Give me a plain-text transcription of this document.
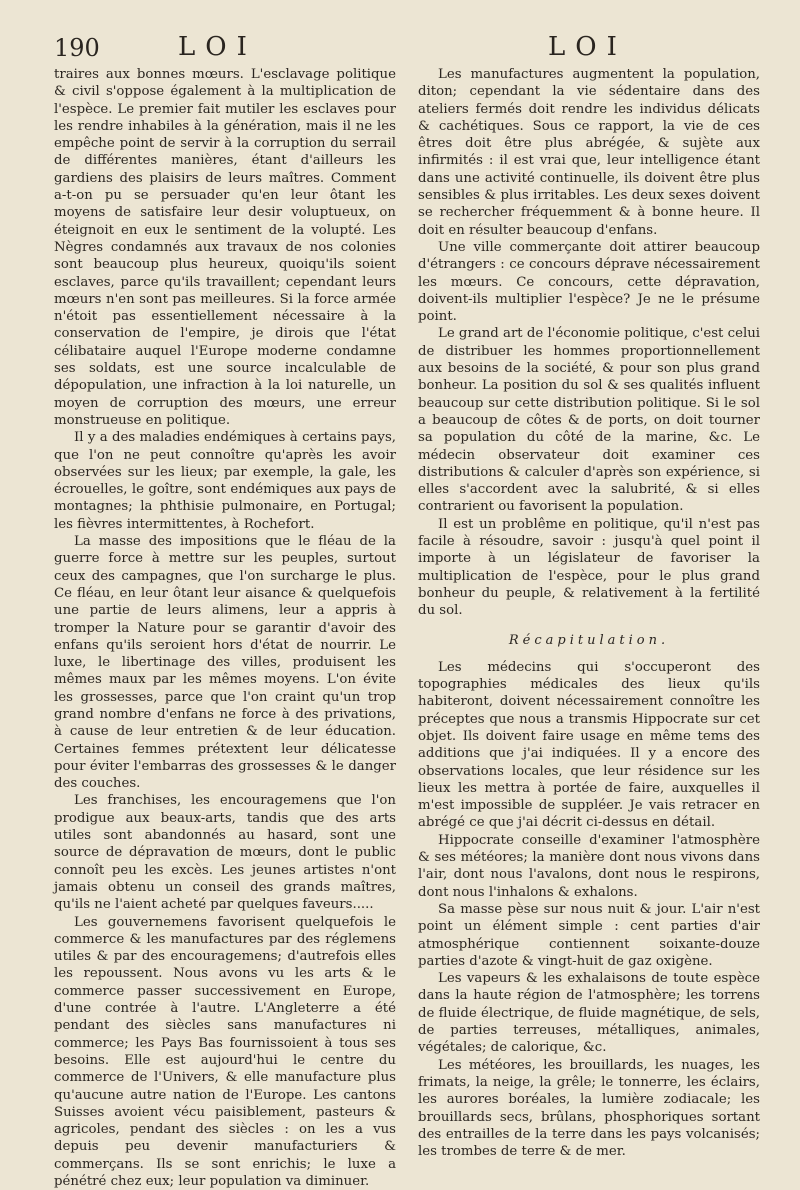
190	LOI	LOI

traires aux bonnes mœurs. L'esclavage politique & civil s'oppose également à la multiplication de l'espèce. Le premier fait mutiler les esclaves pour les rendre inhabiles à la génération, mais il ne les empêche point de servir à la corruption du serrail de différentes manières, étant d'ailleurs les gardiens des plaisirs de leurs maîtres. Comment a-t-on pu se persuader qu'en leur ôtant les moyens de satisfaire leur desir voluptueux, on éteignoit en eux le sentiment de la volupté. Les Nègres condamnés aux travaux de nos colonies sont beaucoup plus heureux, quoiqu'ils soient esclaves, parce qu'ils travaillent; cependant leurs mœurs n'en sont pas meilleures. Si la force armée n'étoit pas essentiellement nécessaire à la conservation de l'empire, je dirois que l'état célibataire auquel l'Europe moderne condamne ses soldats, est une source incalculable de dépopulation, une infraction à la loi naturelle, un moyen de corruption des mœurs, une erreur monstrueuse en politique.

Il y a des maladies endémiques à certains pays, que l'on ne peut connoître qu'après les avoir observées sur les lieux; par exemple, la gale, les écrouelles, le goître, sont endémiques aux pays de montagnes; la phthisie pulmonaire, en Portugal; les fièvres intermittentes, à Rochefort.

La masse des impositions que le fléau de la guerre force à mettre sur les peuples, surtout ceux des campagnes, que l'on surcharge le plus. Ce fléau, en leur ôtant leur aisance & quelquefois une partie de leurs alimens, leur a appris à tromper la Nature pour se garantir d'avoir des enfans qu'ils seroient hors d'état de nourrir. Le luxe, le libertinage des villes, produisent les mêmes maux par les mêmes moyens. L'on évite les grossesses, parce que l'on craint qu'un trop grand nombre d'enfans ne force à des privations, à cause de leur entretien & de leur éducation. Certaines femmes prétextent leur délicatesse pour éviter l'embarras des grossesses & le danger des couches.

Les franchises, les encouragemens que l'on prodigue aux beaux-arts, tandis que des arts utiles sont abandonnés au hasard, sont une source de dépravation de mœurs, dont le public connoît peu les excès. Les jeunes artistes n'ont jamais obtenu un conseil des grands maîtres, qu'ils ne l'aient acheté par quelques faveurs.....

Les gouvernemens favorisent quelquefois le commerce & les manufactures par des réglemens utiles & par des encouragemens; d'autrefois elles les repoussent. Nous avons vu les arts & le commerce passer successivement en Europe, d'une contrée à l'autre. L'Angleterre a été pendant des siècles sans manufactures ni commerce; les Pays Bas fournissoient à tous ses besoins. Elle est aujourd'hui le centre du commerce de l'Univers, & elle manufacture plus qu'aucune autre nation de l'Europe. Les cantons Suisses avoient vécu paisiblement, pasteurs & agricoles, pendant des siècles : on les a vus depuis peu devenir manufacturiers & commerçans. Ils se sont enrichis; le luxe a pénétré chez eux; leur population va diminuer.

Les manufactures augmentent la population, diton; cependant la vie sédentaire dans des ateliers fermés doit rendre les individus délicats & cachétiques. Sous ce rapport, la vie de ces êtres doit être plus abrégée, & sujète aux infirmités : il est vrai que, leur intelligence étant dans une activité continuelle, ils doivent être plus sensibles & plus irritables. Les deux sexes doivent se rechercher fréquemment & à bonne heure. Il doit en résulter beaucoup d'enfans.

Une ville commerçante doit attirer beaucoup d'étrangers : ce concours déprave nécessairement les mœurs. Ce concours, cette dépravation, doivent-ils multiplier l'espèce? Je ne le présume point.

Le grand art de l'économie politique, c'est celui de distribuer les hommes proportionnellement aux besoins de la société, & pour son plus grand bonheur. La position du sol & ses qualités influent beaucoup sur cette distribution politique. Si le sol a beaucoup de côtes & de ports, on doit tourner sa population du côté de la marine, &c. Le médecin observateur doit examiner ces distributions & calculer d'après son expérience, si elles s'accordent avec la salubrité, & si elles contrarient ou favorisent la population.

Il est un problême en politique, qu'il n'est pas facile à résoudre, savoir : jusqu'à quel point il importe à un législateur de favoriser la multiplication de l'espèce, pour le plus grand bonheur du peuple, & relativement à la fertilité du sol.

Récapitulation.

Les médecins qui s'occuperont des topographies médicales des lieux qu'ils habiteront, doivent nécessairement connoître les préceptes que nous a transmis Hippocrate sur cet objet. Ils doivent faire usage en même tems des additions que j'ai indiquées. Il y a encore des observations locales, que leur résidence sur les lieux les mettra à portée de faire, auxquelles il m'est impossible de suppléer. Je vais retracer en abrégé ce que j'ai décrit ci-dessus en détail.

Hippocrate conseille d'examiner l'atmosphère & ses météores; la manière dont nous vivons dans l'air, dont nous l'avalons, dont nous le respirons, dont nous l'inhalons & exhalons.

Sa masse pèse sur nous nuit & jour. L'air n'est point un élément simple : cent parties d'air atmosphérique contiennent soixante-douze parties d'azote & vingt-huit de gaz oxigène.

Les vapeurs & les exhalaisons de toute espèce dans la haute région de l'atmosphère; les torrens de fluide électrique, de fluide magnétique, de sels, de parties terreuses, métalliques, animales, végétales; de calorique, &c.

Les météores, les brouillards, les nuages, les frimats, la neige, la grêle; le tonnerre, les éclairs, les aurores boréales, la lumière zodiacale; les brouillards secs, brûlans, phosphoriques sortant des entrailles de la terre dans les pays volcanisés; les trombes de terre & de mer.
